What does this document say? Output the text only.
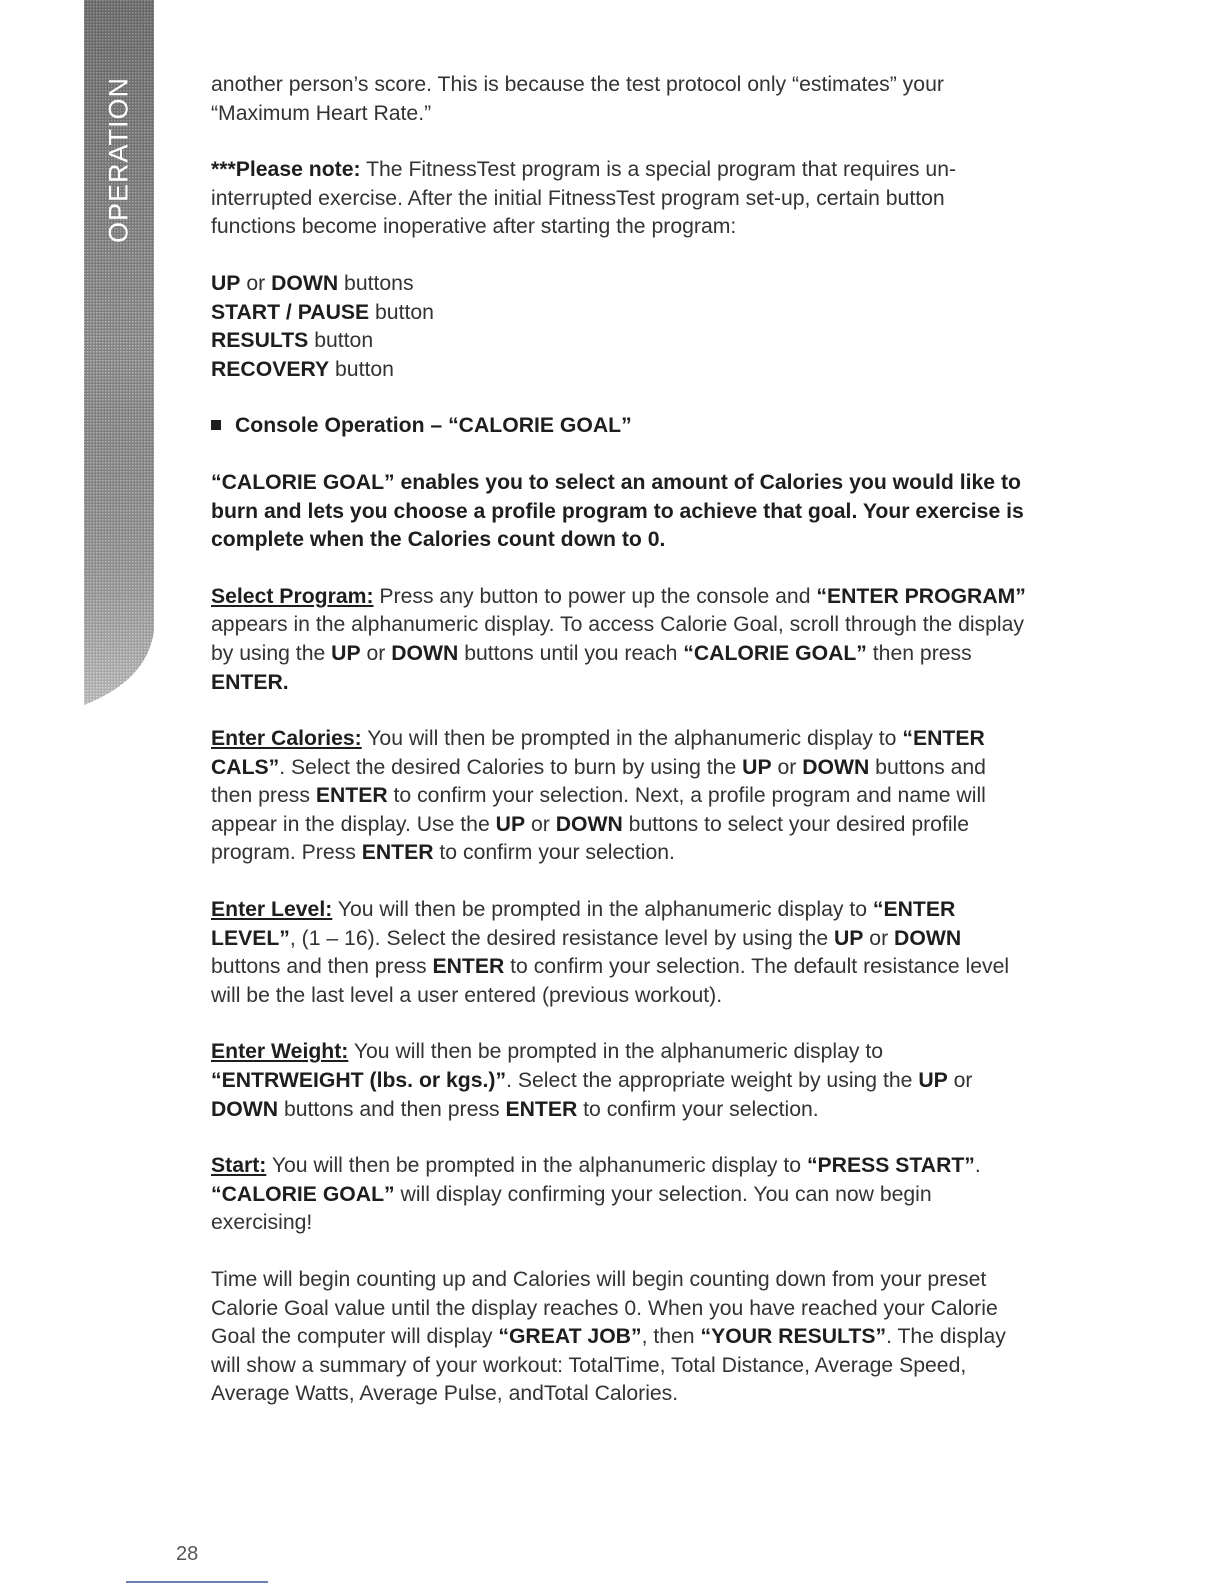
OPERATION	another person’s score. This is because the test protocol only “estimates” your “Maximum Heart Rate.”

***Please note: The FitnessTest program is a special program that requires un-interrupted exercise. After the initial FitnessTest program set-up, certain button functions become inoperative after starting the program:

UP or DOWN buttons
START / PAUSE button
RESULTS button
RECOVERY button
Console Operation – “CALORIE GOAL”

“CALORIE GOAL” enables you to select an amount of Calories you would like to burn and lets you choose a profile program to achieve that goal. Your exercise is complete when the Calories count down to 0.

Select Program: Press any button to power up the console and “ENTER PROGRAM” appears in the alphanumeric display. To access Calorie Goal, scroll through the display by using the UP or DOWN buttons until you reach “CALORIE GOAL” then press ENTER.

Enter Calories: You will then be prompted in the alphanumeric display to “ENTER CALS”. Select the desired Calories to burn by using the UP or DOWN buttons and then press ENTER to confirm your selection. Next, a profile program and name will appear in the display. Use the UP or DOWN buttons to select your desired profile program. Press ENTER to confirm your selection.

Enter Level: You will then be prompted in the alphanumeric display to “ENTER LEVEL”, (1 – 16). Select the desired resistance level by using the UP or DOWN buttons and then press ENTER to confirm your selection. The default resistance level will be the last level a user entered (previous workout).

Enter Weight: You will then be prompted in the alphanumeric display to “ENTRWEIGHT (lbs. or kgs.)”. Select the appropriate weight by using the UP or DOWN buttons and then press ENTER to confirm your selection.

Start: You will then be prompted in the alphanumeric display to “PRESS START”. “CALORIE GOAL” will display confirming your selection. You can now begin exercising!

Time will begin counting up and Calories will begin counting down from your preset Calorie Goal value until the display reaches 0. When you have reached your Calorie Goal the computer will display “GREAT JOB”, then “YOUR RESULTS”. The display will show a summary of your workout: TotalTime, Total Distance, Average Speed, Average Watts, Average Pulse, andTotal Calories.

28
